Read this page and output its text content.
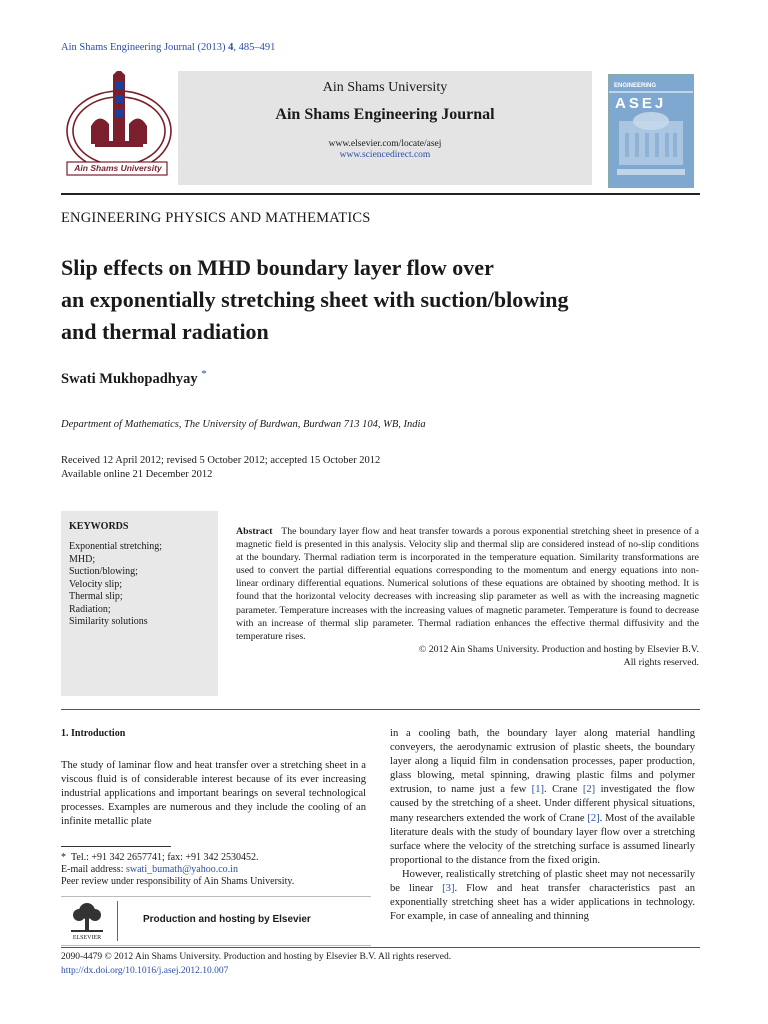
Ain Shams Engineering Journal (2013) 4, 485–491
Ain Shams University
Ain Shams University
Ain Shams Engineering Journal
www.elsevier.com/locate/asej
www.sciencedirect.com
ENGINEERING
ASEJ
ENGINEERING PHYSICS AND MATHEMATICS
Slip effects on MHD boundary layer flow over
an exponentially stretching sheet with suction/blowing
and thermal radiation
Swati Mukhopadhyay *
Department of Mathematics, The University of Burdwan, Burdwan 713 104, WB, India
Received 12 April 2012; revised 5 October 2012; accepted 15 October 2012
Available online 21 December 2012
KEYWORDS
Exponential stretching;
MHD;
Suction/blowing;
Velocity slip;
Thermal slip;
Radiation;
Similarity solutions
Abstract The boundary layer flow and heat transfer towards a porous exponential stretching sheet in presence of a magnetic field is presented in this analysis. Velocity slip and thermal slip are considered instead of no-slip conditions at the boundary. Thermal radiation term is incorporated in the temperature equation. Similarity transformations are used to convert the partial differential equations corresponding to the momentum and energy equations into non-linear ordinary differential equations. Numerical solutions of these equations are obtained by shooting method. It is found that the horizontal velocity decreases with increasing slip parameter as well as with the increasing magnetic parameter. Temperature increases with the increasing values of magnetic parameter. Temperature is found to decrease with an increase of thermal slip parameter. Thermal radiation enhances the effective thermal diffusivity and the temperature rises.
© 2012 Ain Shams University. Production and hosting by Elsevier B.V.
All rights reserved.
1. Introduction

The study of laminar flow and heat transfer over a stretching sheet in a viscous fluid is of considerable interest because of its ever increasing industrial applications and important bearings on several technological processes. Examples are numerous and they include the cooling of an infinite metallic plate

in a cooling bath, the boundary layer along material handling conveyers, the aerodynamic extrusion of plastic sheets, the boundary layer along a liquid film in condensation processes, paper production, glass blowing, metal spinning, drawing plastic films and polymer extrusion, to name just a few [1]. Crane [2] investigated the flow caused by the stretching of a sheet. Under different physical situations, many researchers extended the work of Crane [2]. Most of the available literature deals with the study of boundary layer flow over a stretching surface where the velocity of the stretching surface is assumed linearly proportional to the distance from the fixed origin.

However, realistically stretching of plastic sheet may not necessarily be linear [3]. Flow and heat transfer characteristics past an exponentially stretching sheet has a wider applications in technology. For example, in case of annealing and thinning

* Tel.: +91 342 2657741; fax: +91 342 2530452.
E-mail address: swati_bumath@yahoo.co.in
Peer review under responsibility of Ain Shams University.
ELSEVIER
Production and hosting by Elsevier
2090-4479 © 2012 Ain Shams University. Production and hosting by Elsevier B.V. All rights reserved.
http://dx.doi.org/10.1016/j.asej.2012.10.007
